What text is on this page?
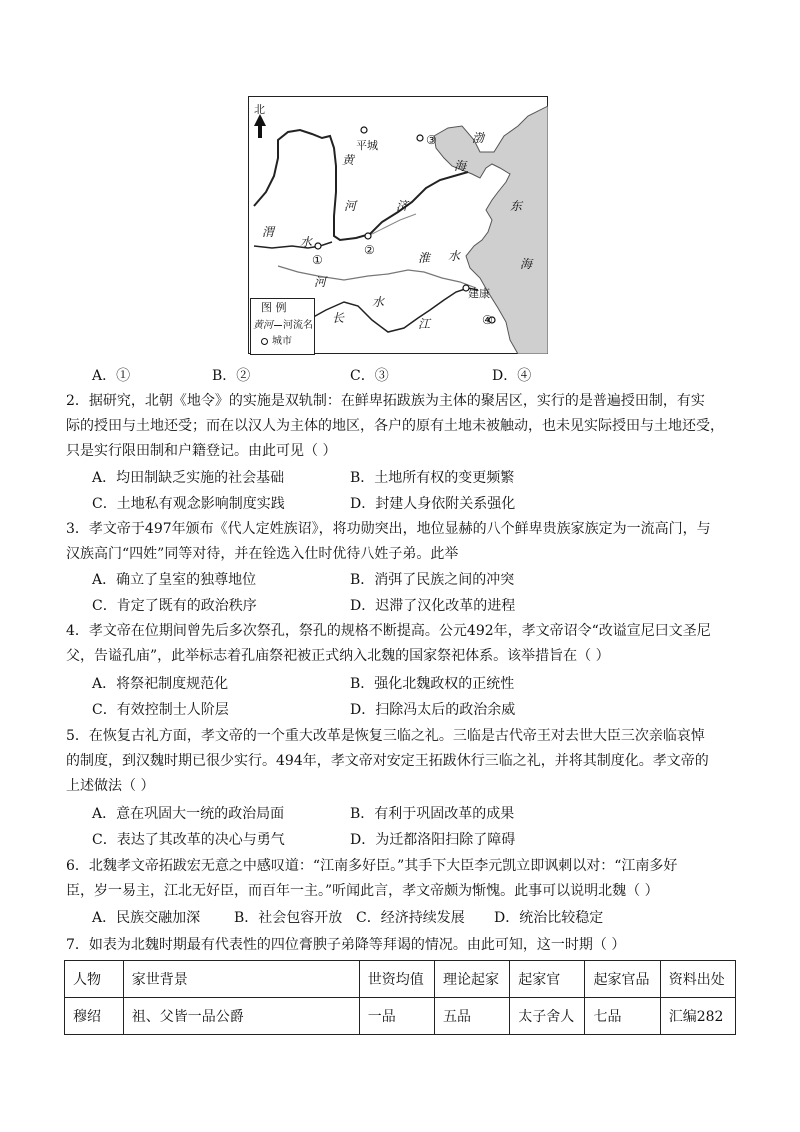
北
平城	③	渤
海
东
海
黄
河	济
渭
水
②
①	淮 水
河
水
长	江
建康
④
图 例
黄河 河流名
城市
A．①	B．②	C．③	D．④
2．据研究，北朝《地令》的实施是双轨制：在鲜卑拓跋族为主体的聚居区，实行的是普遍授田制，有实
际的授田与土地还受；而在以汉人为主体的地区，各户的原有土地未被触动，也未见实际授田与土地还受，
只是实行限田制和户籍登记。由此可见（ ）
A．均田制缺乏实施的社会基础	B．土地所有权的变更频繁
C．土地私有观念影响制度实践	D．封建人身依附关系强化
3．孝文帝于497年颁布《代人定姓族诏》，将功勋突出，地位显赫的八个鲜卑贵族家族定为一流高门，与
汉族高门“四姓”同等对待，并在铨选入仕时优待八姓子弟。此举
A．确立了皇室的独尊地位	B．消弭了民族之间的冲突
C．肯定了既有的政治秩序	D．迟滞了汉化改革的进程
4．孝文帝在位期间曾先后多次祭孔，祭孔的规格不断提高。公元492年，孝文帝诏令“改谥宣尼曰文圣尼
父，告谥孔庙”，此举标志着孔庙祭祀被正式纳入北魏的国家祭祀体系。该举措旨在（ ）
A．将祭祀制度规范化	B．强化北魏政权的正统性
C．有效控制士人阶层	D．扫除冯太后的政治余威
5．在恢复古礼方面，孝文帝的一个重大改革是恢复三临之礼。三临是古代帝王对去世大臣三次亲临哀悼
的制度，到汉魏时期已很少实行。494年，孝文帝对安定王拓跋休行三临之礼，并将其制度化。孝文帝的
上述做法（ ）
A．意在巩固大一统的政治局面	B．有利于巩固改革的成果
C．表达了其改革的决心与勇气	D．为迁都洛阳扫除了障碍
6．北魏孝文帝拓跋宏无意之中感叹道：“江南多好臣。”其手下大臣李元凯立即讽刺以对：“江南多好
臣，岁一易主，江北无好臣，而百年一主。”听闻此言，孝文帝颇为惭愧。此事可以说明北魏（ ）
A．民族交融加深 B．社会包容开放 C．经济持续发展 D．统治比较稳定
7．如表为北魏时期最有代表性的四位膏腴子弟降等拜谒的情况。由此可知，这一时期（ ）
人物	家世背景	世资均值	理论起家	起家官	起家官品	资料出处
穆绍	祖、父皆一品公爵	一品	五品	太子舍人	七品	汇编282
